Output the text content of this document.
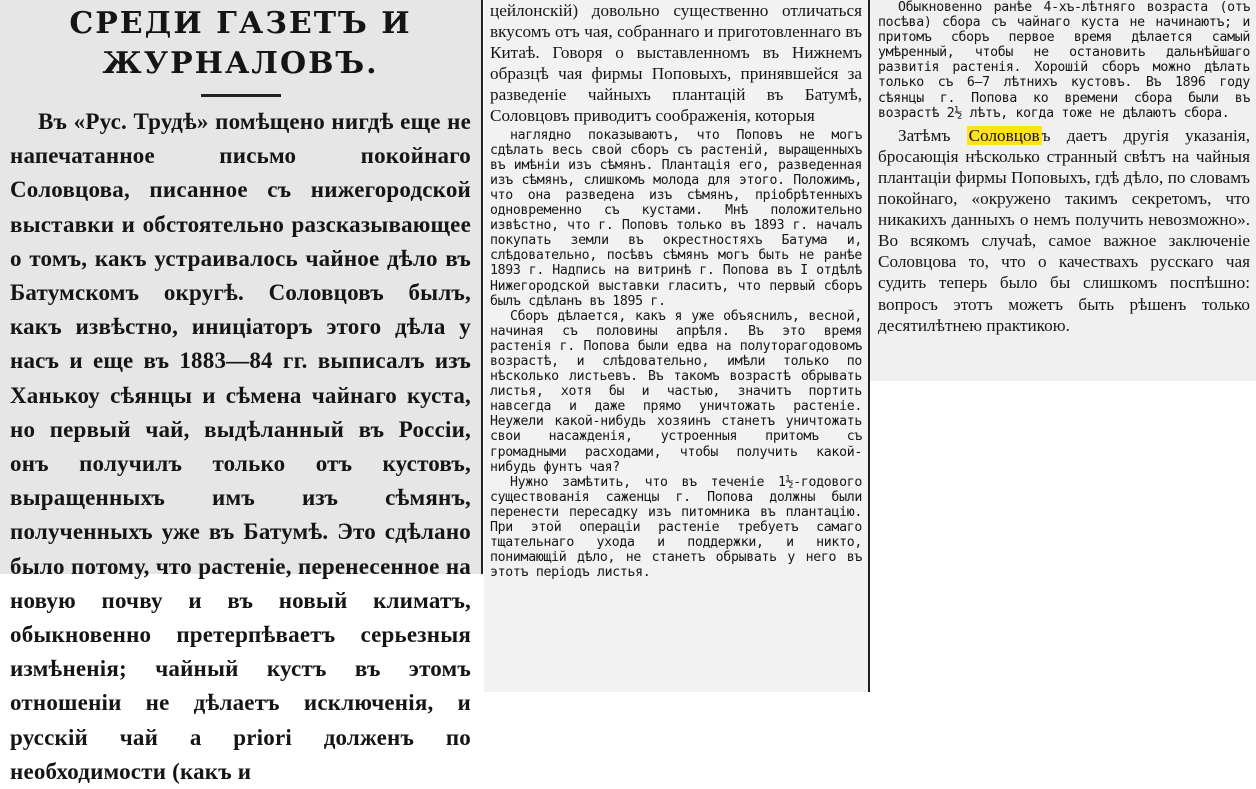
СРЕДИ ГАЗЕТЪ И ЖУРНАЛОВЪ.

Въ «Рус. Трудѣ» помѣщено нигдѣ еще не напечатанное письмо покойнаго Соловцова, писанное съ нижегородской выставки и обстоятельно разсказывающее о томъ, какъ устраивалось чайное дѣло въ Батумскомъ округѣ. Соловцовъ былъ, какъ извѣстно, иниціаторъ этого дѣла у насъ и еще въ 1883—84 гг. выписалъ изъ Ханькоу сѣянцы и сѣмена чайнаго куста, но первый чай, выдѣланный въ Россіи, онъ получилъ только отъ кустовъ, выращенныхъ имъ изъ сѣмянъ, полученныхъ уже въ Батумѣ. Это сдѣлано было потому, что растеніе, перенесенное на новую почву и въ новый климатъ, обыкновенно претерпѣваетъ серьезныя измѣненія; чайный кустъ въ этомъ отношеніи не дѣлаетъ исключенія, и русскій чай а priori долженъ по необходимости (какъ и

цейлонскій) довольно существенно отличаться вкусомъ отъ чая, собраннаго и приготовленнаго въ Китаѣ. Говоря о выставленномъ въ Нижнемъ образцѣ чая фирмы Поповыхъ, принявшейся за разведеніе чайныхъ плантацій въ Батумѣ, Соловцовъ приводитъ соображенія, которыя

наглядно показываютъ, что Поповъ не могъ сдѣлать весь свой сборъ съ растеній, выращенныхъ въ имѣніи изъ сѣмянъ. Плантація его, разведенная изъ сѣмянъ, слишкомъ молода для этого. Положимъ, что она разведена изъ сѣмянъ, пріобрѣтенныхъ одновременно съ кустами. Мнѣ положительно извѣстно, что г. Поповъ только въ 1893 г. началъ покупать земли въ окрестностяхъ Батума и, слѣдовательно, посѣвъ сѣмянъ могъ быть не ранѣе 1893 г. Надпись на витринѣ г. Попова въ I отдѣлѣ Нижегородской выставки гласитъ, что первый сборъ былъ сдѣланъ въ 1895 г.

Сборъ дѣлается, какъ я уже объяснилъ, весной, начиная съ половины апрѣля. Въ это время растенія г. Попова были едва на полуторагодовомъ возрастѣ, и слѣдовательно, имѣли только по нѣсколько листьевъ. Въ такомъ возрастѣ обрывать листья, хотя бы и частью, значитъ портить навсегда и даже прямо уничтожать растеніе. Неужели какой-нибудь хозяинъ станетъ уничтожать свои насажденія, устроенныя притомъ съ громадными расходами, чтобы получить какой-нибудь фунтъ чая?

Нужно замѣтить, что въ теченіе 1½-годового существованія саженцы г. Попова должны были перенести пересадку изъ питомника въ плантацію. При этой операціи растеніе требуетъ самаго тщательнаго ухода и поддержки, и никто, понимающій дѣло, не станетъ обрывать у него въ этотъ періодъ листья.

Обыкновенно ранѣе 4-хъ-лѣтняго возраста (отъ посѣва) сбора съ чайнаго куста не начинаютъ; и притомъ сборъ первое время дѣлается самый умѣренный, чтобы не остановить дальнѣйшаго развитія растенія. Хорошій сборъ можно дѣлать только съ 6—7 лѣтнихъ кустовъ. Въ 1896 году сѣянцы г. Попова ко времени сбора были въ возрастѣ 2½ лѣтъ, когда тоже не дѣлаютъ сбора.

Затѣмъ Соловцов ъ даетъ другія указанія, бросающія нѣсколько странный свѣтъ на чайныя плантаціи фирмы Поповыхъ, гдѣ дѣло, по словамъ покойнаго, «окружено такимъ секретомъ, что никакихъ данныхъ о немъ получить невозможно». Во всякомъ случаѣ, самое важное заключеніе Соловцова то, что о качествахъ русскаго чая судить теперь было бы слишкомъ поспѣшно: вопросъ этотъ можетъ быть рѣшенъ только десятилѣтнею практикою.
